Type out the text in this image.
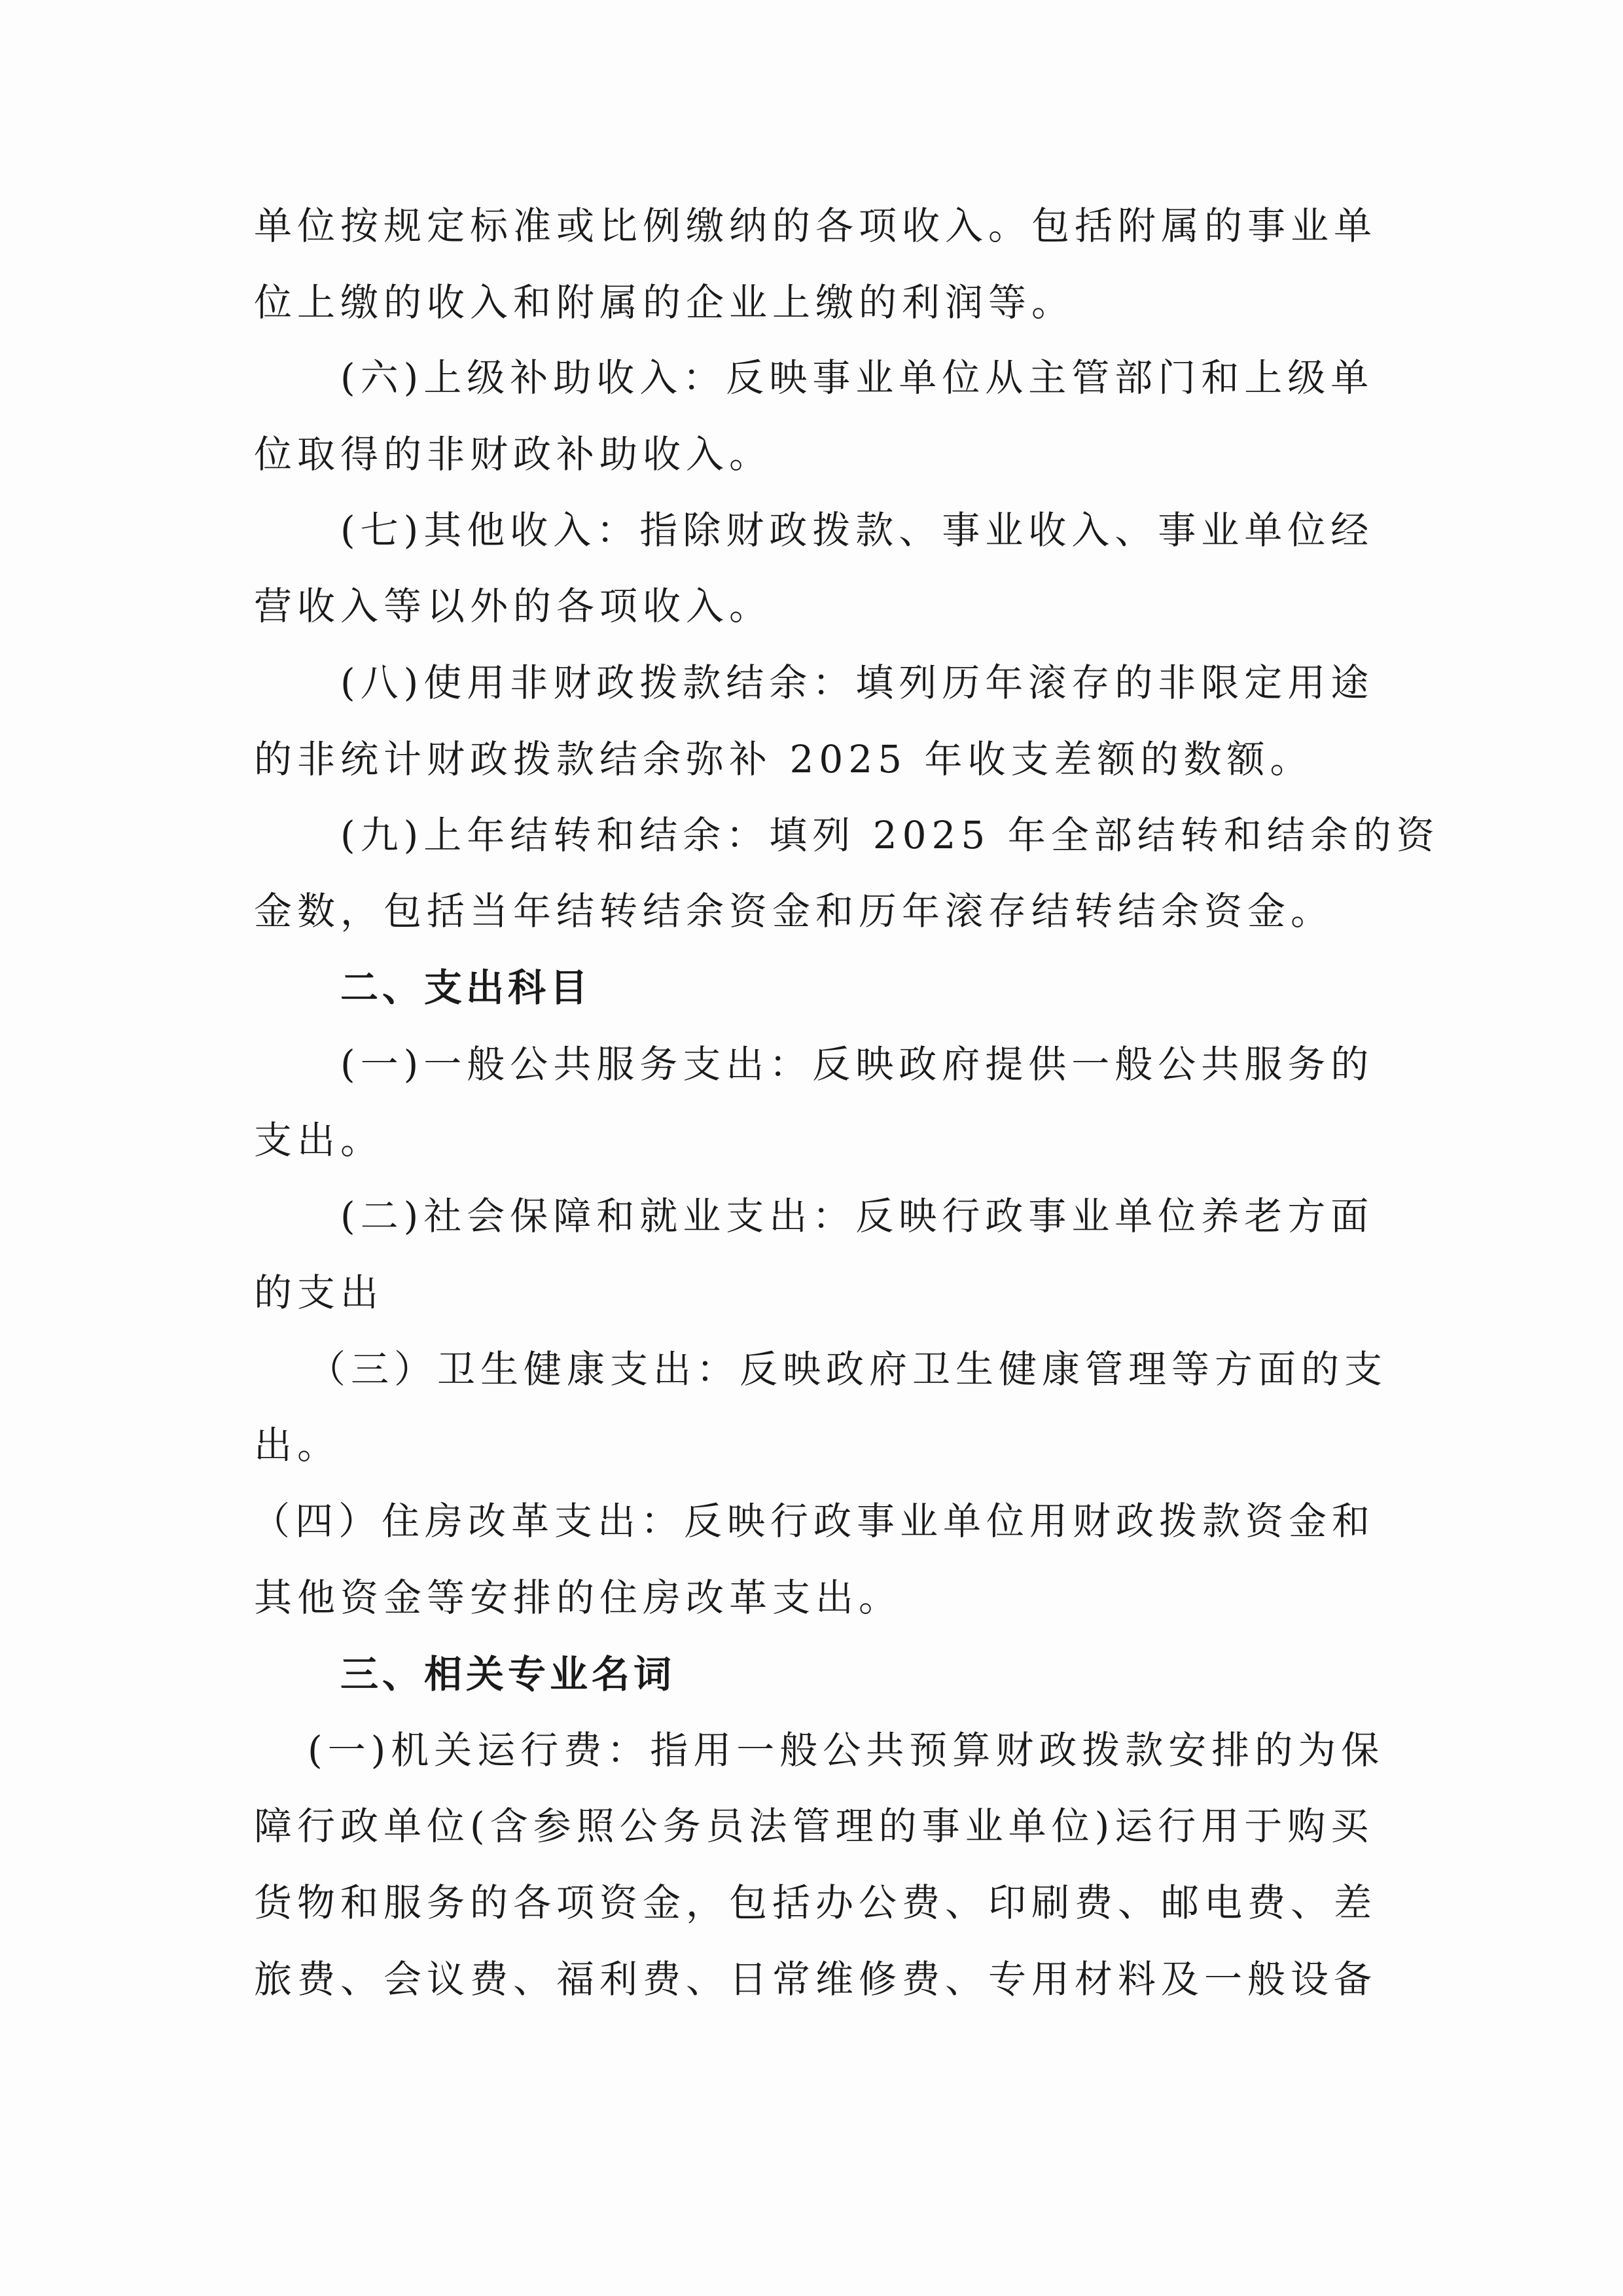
单位按规定标准或比例缴纳的各项收入。包括附属的事业单
位上缴的收入和附属的企业上缴的利润等。
(六)上级补助收入：反映事业单位从主管部门和上级单
位取得的非财政补助收入。
(七)其他收入：指除财政拨款、事业收入、事业单位经
营收入等以外的各项收入。
(八)使用非财政拨款结余：填列历年滚存的非限定用途
的非统计财政拨款结余弥补 2025 年收支差额的数额。
(九)上年结转和结余：填列 2025 年全部结转和结余的资
金数，包括当年结转结余资金和历年滚存结转结余资金。
二、支出科目
(一)一般公共服务支出：反映政府提供一般公共服务的
支出。
(二)社会保障和就业支出：反映行政事业单位养老方面
的支出
（三）卫生健康支出：反映政府卫生健康管理等方面的支
出。
（四）住房改革支出：反映行政事业单位用财政拨款资金和
其他资金等安排的住房改革支出。
三、相关专业名词
(一)机关运行费：指用一般公共预算财政拨款安排的为保
障行政单位(含参照公务员法管理的事业单位)运行用于购买
货物和服务的各项资金，包括办公费、印刷费、邮电费、差
旅费、会议费、福利费、日常维修费、专用材料及一般设备
